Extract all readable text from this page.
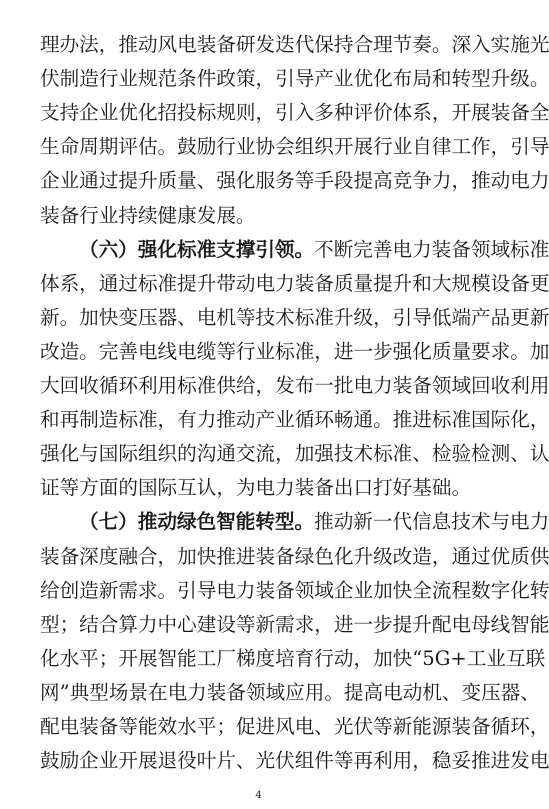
理办法，推动风电装备研发迭代保持合理节奏。深入实施光
伏制造行业规范条件政策，引导产业优化布局和转型升级。
支持企业优化招投标规则，引入多种评价体系，开展装备全
生命周期评估。鼓励行业协会组织开展行业自律工作，引导
企业通过提升质量、强化服务等手段提高竞争力，推动电力
装备行业持续健康发展。
（六）强化标准支撑引领。不断完善电力装备领域标准
体系，通过标准提升带动电力装备质量提升和大规模设备更
新。加快变压器、电机等技术标准升级，引导低端产品更新
改造。完善电线电缆等行业标准，进一步强化质量要求。加
大回收循环利用标准供给，发布一批电力装备领域回收利用
和再制造标准，有力推动产业循环畅通。推进标准国际化，
强化与国际组织的沟通交流，加强技术标准、检验检测、认
证等方面的国际互认，为电力装备出口打好基础。
（七）推动绿色智能转型。推动新一代信息技术与电力
装备深度融合，加快推进装备绿色化升级改造，通过优质供
给创造新需求。引导电力装备领域企业加快全流程数字化转
型；结合算力中心建设等新需求，进一步提升配电母线智能
化水平；开展智能工厂梯度培育行动，加快“5G+工业互联
网”典型场景在电力装备领域应用。提高电动机、变压器、
配电装备等能效水平；促进风电、光伏等新能源装备循环，
鼓励企业开展退役叶片、光伏组件等再利用，稳妥推进发电
4
